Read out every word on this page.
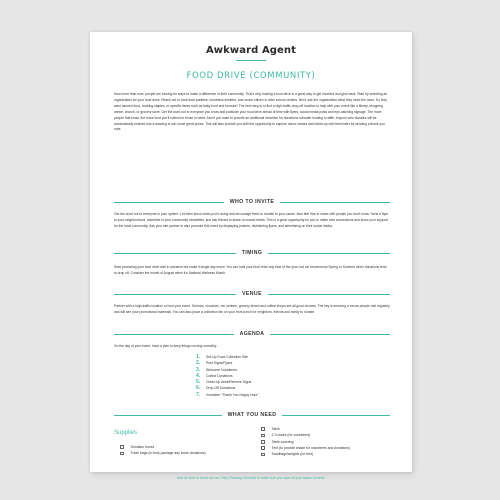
Awkward Agent
FOOD DRIVE (COMMUNITY)
Now more than ever, people are looking for ways to make a difference in their community. That's why hosting a food drive is a great way to get involved and give back. Start by selecting an organization for your food drive. Reach out to local food pantries, homeless shelters, and senior citizen or after school centers. Next, ask the organization what they need the most. Do they want canned food, cooking staples, or specific items such as baby food and formula? The next step is to find a high-traffic drop-off location to help with your event like a library, shopping center, church, or grocery store. Get the word out to everyone you know and publicize your food drive ahead of time with flyers, social media posts and eye-catching signage. The more people that know, the more food you'll collect for those in need. And if you want to provide an additional incentive for donations consider holding a raffle. Anyone who donates will be automatically entered into a drawing to win some great prizes. This will also provide you with the opportunity to capture donor names and follow-up with them later by sending a thank you note.
WHO TO INVITE
Get the word out to everyone in your sphere. Let them know what you're doing and encourage them to donate to your cause. Also feel free to share with people you don't know. Send a flyer to your neighborhood, advertise in your community newsletter, and ask friends to share on social media. This is a great opportunity for you to make new connections and show your support for the local community. Ask your site partner to also promote this event by displaying posters, distributing flyers, and advertising on their social media.
TIMING
Start promoting your food drive well in advance but make it single day event. You can hold your food drive any time of the year, but we recommend Spring or Summer when donations tend to drop off. Consider the month of August when it's National Wellness Month.
VENUE
Partner with a high-traffic location to host your event. Schools, churches, rec centers, grocery stores and coffee shops are all good choices. The key is securing a venue people visit regularly and will see your promotional materials. You can also place a collection bin on your front porch for neighbors, friends and family to donate.
AGENDA
On the day of your event, have a plan to keep things running smoothly.
1.	Set-Up Food Collection Site
2.	Post Signs/Flyers
3.	Welcome Volunteers
4.	Collect Donations
5.	Clean-Up Area/Remove Signs
6.	Drop-Off Donations
7.	Volunteer "Thank You Happy Hour"
WHAT YOU NEED
Supplies
Donation boxes
Trash bags (to help package any loose donations)
Table
2-3 chairs (for volunteers)
Table covering
Tent (to provide shade for volunteers and donations)
Sandbags/weights (for tent)
Also be sure to check out our Party Planning Checklist to make sure you have all your bases covered.
